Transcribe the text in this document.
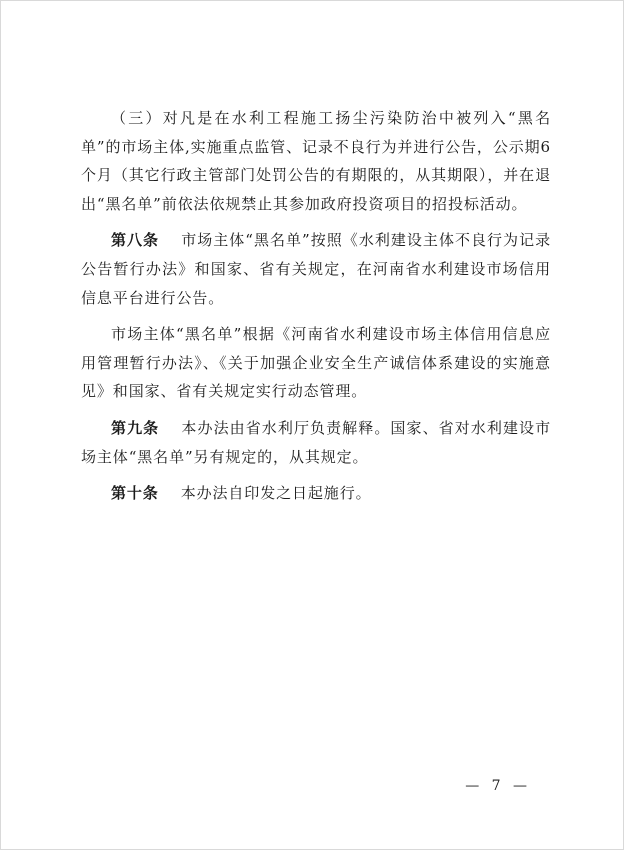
（三）对凡是在水利工程施工扬尘污染防治中被列入“黑名单”的市场主体,实施重点监管、记录不良行为并进行公告，公示期6个月（其它行政主管部门处罚公告的有期限的，从其期限），并在退出“黑名单”前依法依规禁止其参加政府投资项目的招投标活动。

第八条 市场主体“黑名单”按照《水利建设主体不良行为记录公告暂行办法》和国家、省有关规定，在河南省水利建设市场信用信息平台进行公告。

市场主体“黑名单”根据《河南省水利建设市场主体信用信息应用管理暂行办法》、《关于加强企业安全生产诚信体系建设的实施意见》和国家、省有关规定实行动态管理。

第九条 本办法由省水利厅负责解释。国家、省对水利建设市场主体“黑名单”另有规定的，从其规定。

第十条 本办法自印发之日起施行。

— 7 —
